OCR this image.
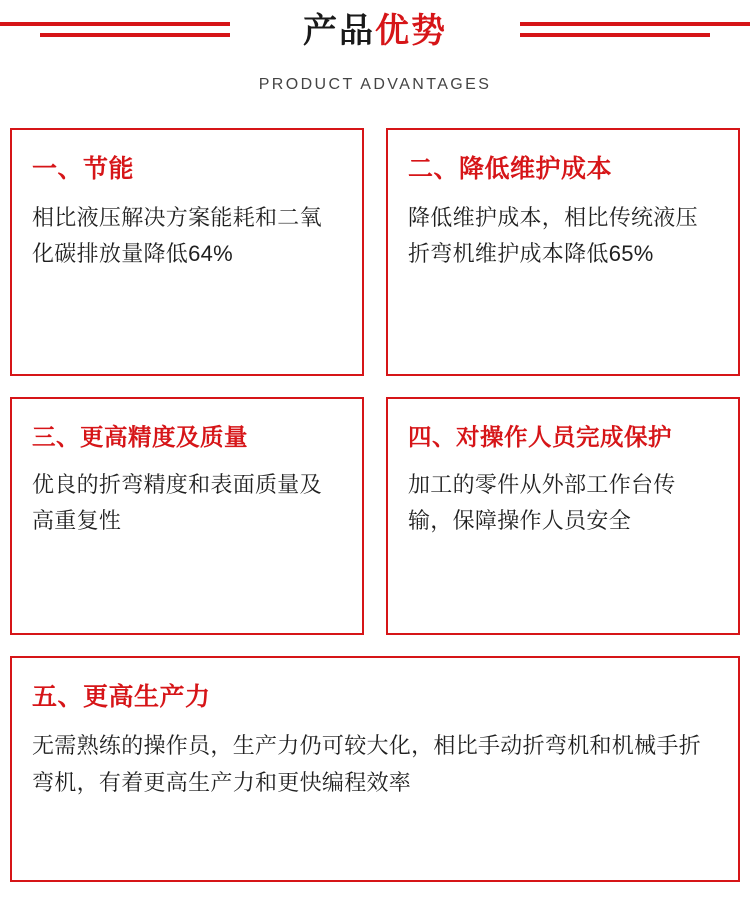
产品优势
PRODUCT ADVANTAGES
一、节能
相比液压解决方案能耗和二氧化碳排放量降低64%
二、降低维护成本
降低维护成本，相比传统液压折弯机维护成本降低65%
三、更高精度及质量
优良的折弯精度和表面质量及高重复性
四、对操作人员完成保护
加工的零件从外部工作台传输，保障操作人员安全
五、更高生产力
无需熟练的操作员，生产力仍可较大化，相比手动折弯机和机械手折弯机，有着更高生产力和更快编程效率
